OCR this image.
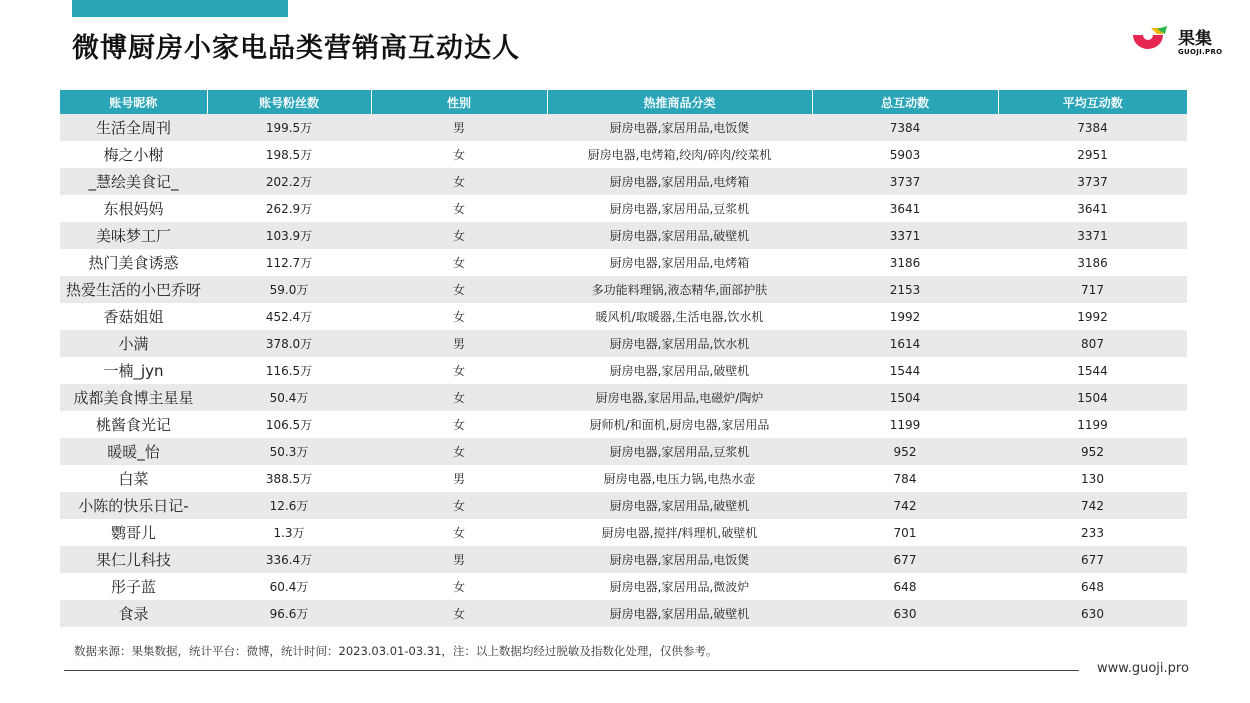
微博厨房小家电品类营销高互动达人	果集
GUOJI.PRO
账号昵称	账号粉丝数	性别	热推商品分类	总互动数	平均互动数
生活全周刊	199.5万	男	厨房电器,家居用品,电饭煲	7384	7384
梅之小榭	198.5万	女	厨房电器,电烤箱,绞肉/碎肉/绞菜机	5903	2951
_慧绘美食记_	202.2万	女	厨房电器,家居用品,电烤箱	3737	3737
东根妈妈	262.9万	女	厨房电器,家居用品,豆浆机	3641	3641
美味梦工厂	103.9万	女	厨房电器,家居用品,破壁机	3371	3371
热门美食诱惑	112.7万	女	厨房电器,家居用品,电烤箱	3186	3186
热爱生活的小巴乔呀	59.0万	女	多功能料理锅,液态精华,面部护肤	2153	717
香菇姐姐	452.4万	女	暖风机/取暖器,生活电器,饮水机	1992	1992
小满	378.0万	男	厨房电器,家居用品,饮水机	1614	807
一楠_jyn	116.5万	女	厨房电器,家居用品,破壁机	1544	1544
成都美食博主星星	50.4万	女	厨房电器,家居用品,电磁炉/陶炉	1504	1504
桃酱食光记	106.5万	女	厨师机/和面机,厨房电器,家居用品	1199	1199
暖暖_怡	50.3万	女	厨房电器,家居用品,豆浆机	952	952
白菜	388.5万	男	厨房电器,电压力锅,电热水壶	784	130
小陈的快乐日记-	12.6万	女	厨房电器,家居用品,破壁机	742	742
鹦哥儿	1.3万	女	厨房电器,搅拌/料理机,破壁机	701	233
果仁儿科技	336.4万	男	厨房电器,家居用品,电饭煲	677	677
彤子蓝	60.4万	女	厨房电器,家居用品,微波炉	648	648
食录	96.6万	女	厨房电器,家居用品,破壁机	630	630
数据来源：果集数据，统计平台：微博，统计时间：2023.03.01-03.31，注：以上数据均经过脱敏及指数化处理，仅供参考。
www.guoji.pro
